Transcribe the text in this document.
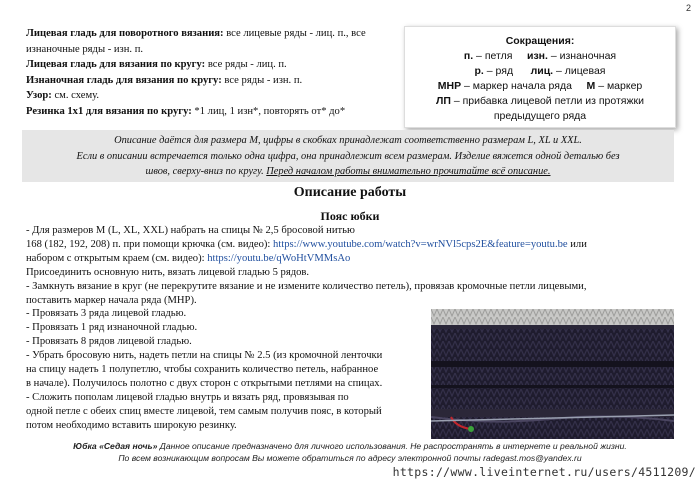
2
Лицевая гладь для поворотного вязания: все лицевые ряды - лиц. п., все изнаночные ряды - изн. п.
Лицевая гладь для вязания по кругу: все ряды - лиц. п.
Изнаночная гладь для вязания по кругу: все ряды - изн. п.
Узор: см. схему.
Резинка 1х1 для вязания по кругу: *1 лиц, 1 изн*, повторять от* до*
Сокращения:
п. – петля изн. – изнаночная
р. – ряд лиц. – лицевая
МНР – маркер начала ряда М – маркер
ЛП – прибавка лицевой петли из протяжки
предыдущего ряда

Описание даётся для размера М, цифры в скобках принадлежат соответственно размерам L, XL и XXL.
Если в описании встречается только одна цифра, она принадлежит всем размерам. Изделие вяжется одной деталью без
швов, сверху-вниз по кругу. Перед началом работы внимательно прочитайте всё описание.

Описание работы
Пояс юбки
- Для размеров М (L, XL, XXL) набрать на спицы № 2,5 бросовой нитью
168 (182, 192, 208) п. при помощи крючка (см. видео): https://www.youtube.com/watch?v=wrNVl5cps2E&feature=youtu.be или
набором с открытым краем (см. видео): https://youtu.be/qWoHtVMMsAo
Присоединить основную нить, вязать лицевой гладью 5 рядов.
- Замкнуть вязание в круг (не перекрутите вязание и не измените количество петель), провязав кромочные петли лицевыми,
поставить маркер начала ряда (МНР).
- Провязать 3 ряда лицевой гладью.
- Провязать 1 ряд изнаночной гладью.
- Провязать 8 рядов лицевой гладью.
- Убрать бросовую нить, надеть петли на спицы № 2.5 (из кромочной ленточки
на спицу надеть 1 полупетлю, чтобы сохранить количество петель, набранное
в начале). Получилось полотно с двух сторон с открытыми петлями на спицах.
- Сложить пополам лицевой гладью внутрь и вязать ряд, провязывая по
одной петле с обеих спиц вместе лицевой, тем самым получив пояс, в который
потом необходимо вставить широкую резинку.
Юбка «Седая ночь» Данное описание предназначено для личного использования. Не распространять в интернете и реальной жизни.
По всем возникающим вопросам Вы можете обратиться по адресу электронной почты radegast.mos@yandex.ru
https://www.liveinternet.ru/users/4511209/
